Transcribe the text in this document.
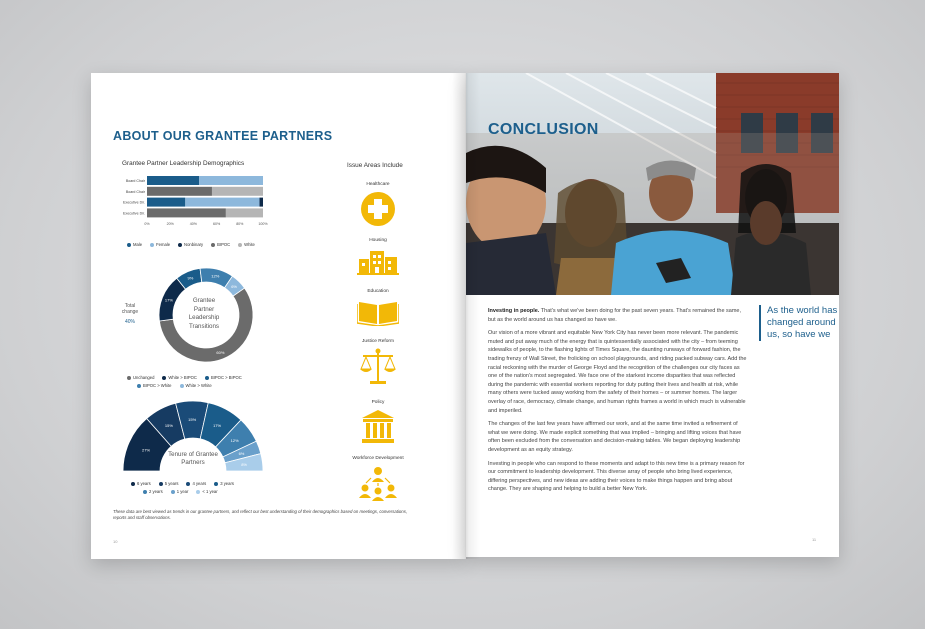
ABOUT OUR GRANTEE PARTNERS
Grantee Partner Leadership Demographics
Board Chair
Board Chair
Executive Dir.
Executive Dir.
0%	20%	40%	60%	80%	100%
Male	Female	Nonbinary	BIPOC	White
60%
17%
9%	12%
6%
Grantee Partner Leadership Transitions
Total change
40%
Unchanged	White > BIPOC	BIPOC > BIPOC
BIPOC > White	White > White
27%
15%
15%
17%
12%
6%
8%
Tenure of Grantee Partners
6 years	5 years	4 years	3 years
2 years	1 year	< 1 year
These data are best viewed as trends in our grantee partners, and reflect our best understanding of their demographics based on meetings, conversations, reports and staff observations.
10
Issue Areas Include
Healthcare
Housing
Education
Justice Reform
Policy
Workforce Development
CONCLUSION

Investing in people. That's what we've been doing for the past seven years. That's remained the same, but as the world around us has changed so have we.

Our vision of a more vibrant and equitable New York City has never been more relevant. The pandemic muted and put away much of the energy that is quintessentially associated with the city – from teeming sidewalks of people, to the flashing lights of Times Square, the daunting runways of forward fashion, the trading frenzy of Wall Street, the frolicking on school playgrounds, and riding packed subway cars. Add the racial reckoning with the murder of George Floyd and the recognition of the challenges our city faces as one of the nation's most segregated. We face one of the starkest income disparities that was reflected during the pandemic with essential workers reporting for duty putting their lives and health at risk, while many others were tucked away working from the safety of their homes – or summer homes. The larger overlay of race, democracy, climate change, and human rights frames a world in which much is vulnerable and imperiled.

The changes of the last few years have affirmed our work, and at the same time invited a refinement of what we were doing. We made explicit something that was implied – bringing and lifting voices that have often been excluded from the conversation and decision-making tables. We began deploying leadership development as an equity strategy.

Investing in people who can respond to these moments and adapt to this new time is a primary reason for our commitment to leadership development. This diverse array of people who bring lived experience, differing perspectives, and new ideas are adding their voices to make things happen and bring about change. They are shaping and helping to build a better New York.

As the world has changed around us, so have we
11
